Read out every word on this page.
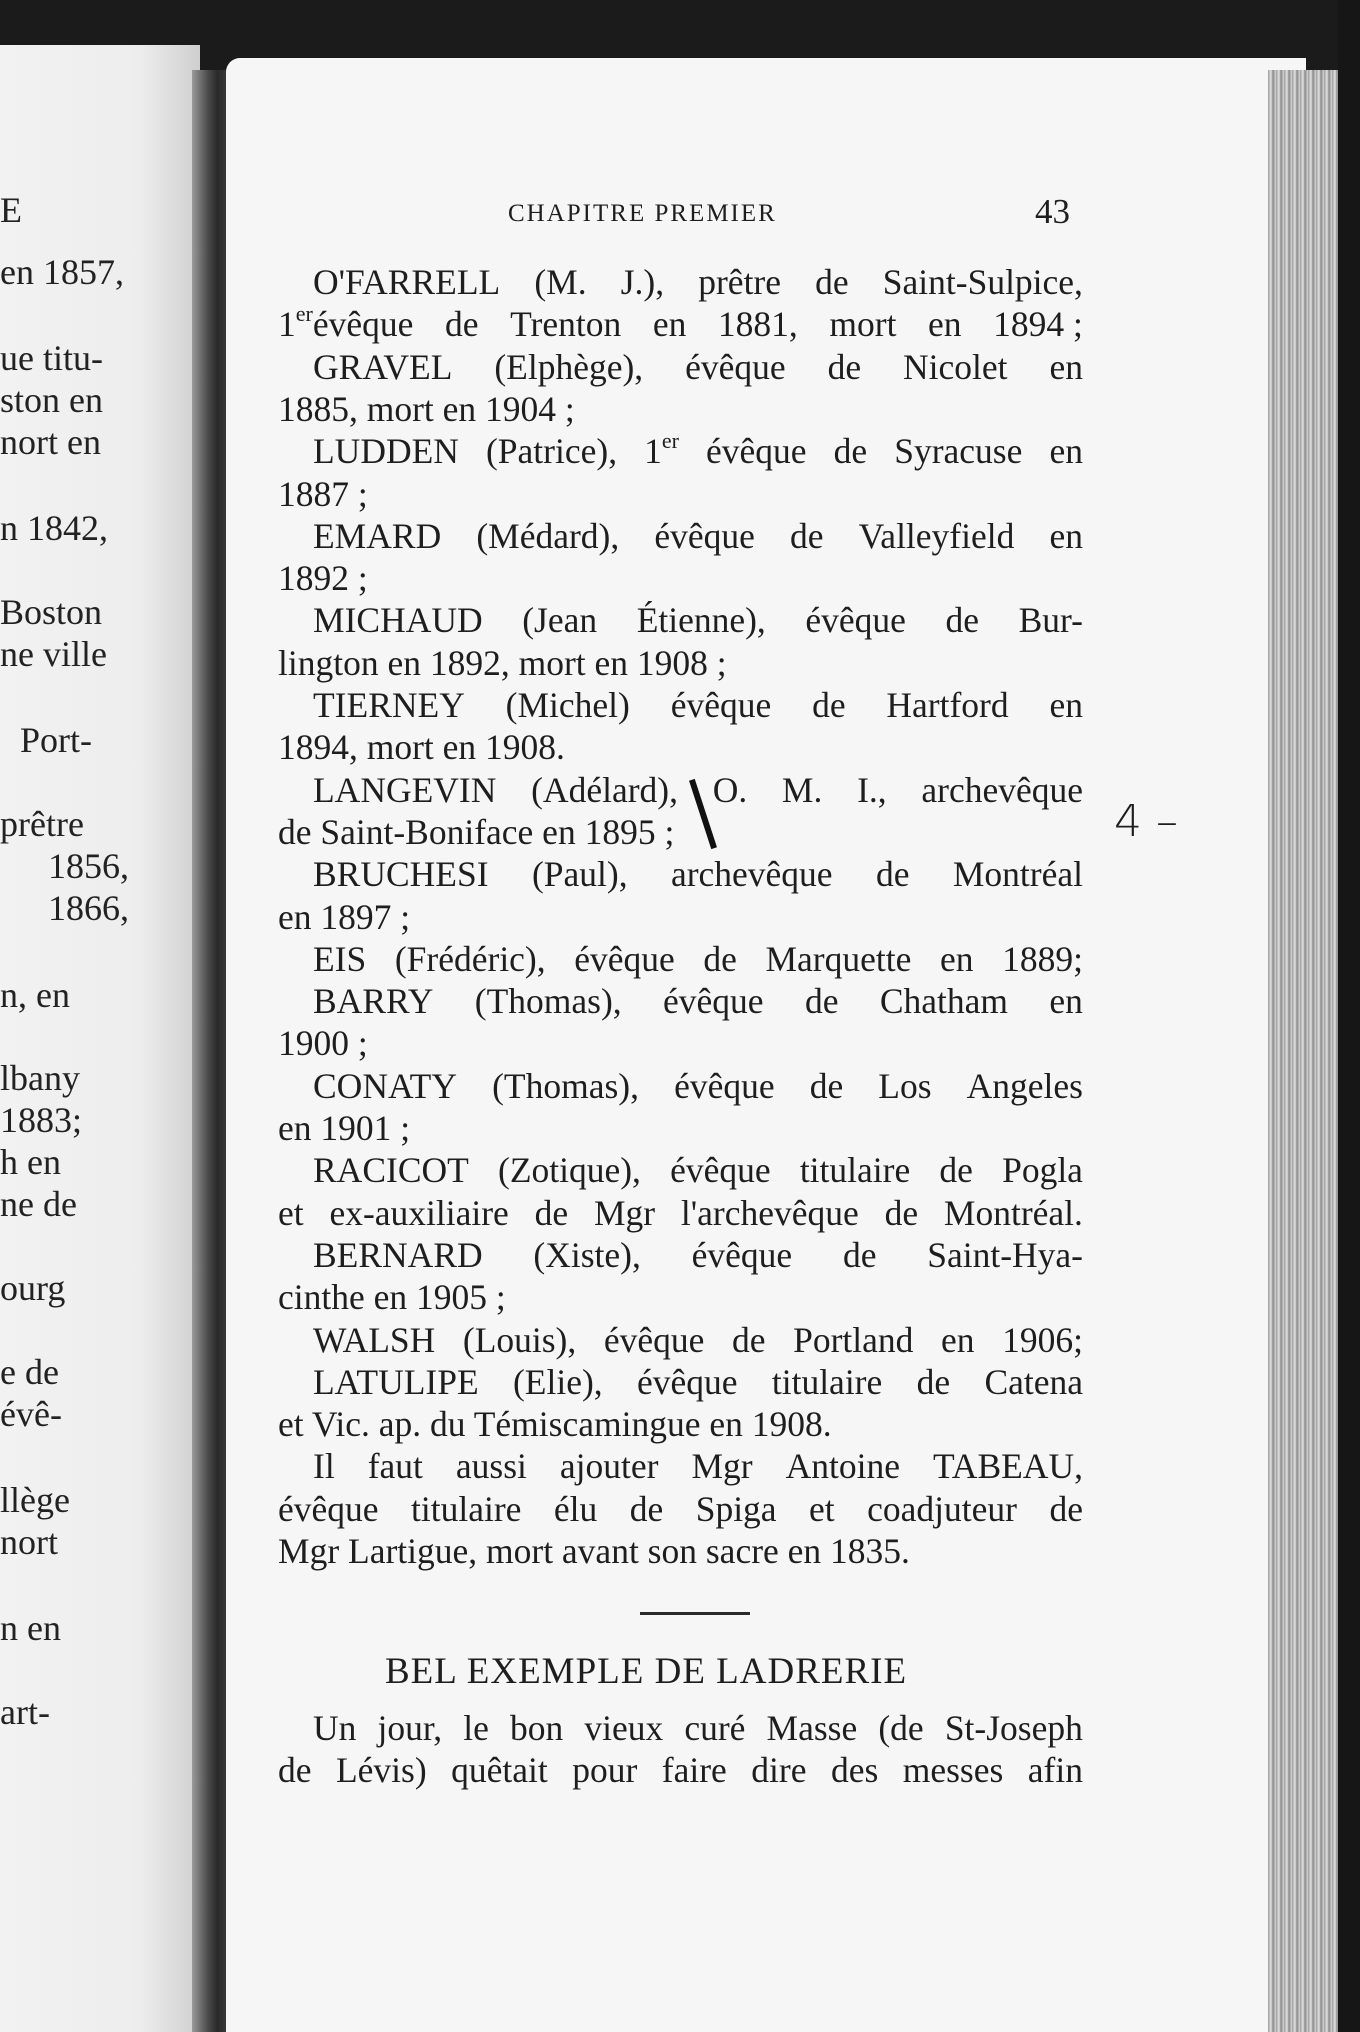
E
en 1857,
ue titu-
ston en
nort en
n 1842,
Boston
ne ville
Port-
prêtre
1856,
1866,
n, en
lbany
1883;
h en
ne de
ourg
e de
évê-
llège
nort
n en
art-
CHAPITRE PREMIER	43
O'FARRELL (M. J.), prêtre de Saint-Sulpice,
1erévêque de Trenton en 1881, mort en 1894 ;
GRAVEL (Elphège), évêque de Nicolet en
1885, mort en 1904 ;
LUDDEN (Patrice), 1er évêque de Syracuse en
1887 ;
EMARD (Médard), évêque de Valleyfield en
1892 ;
MICHAUD (Jean Étienne), évêque de Bur-
lington en 1892, mort en 1908 ;
TIERNEY (Michel) évêque de Hartford en
1894, mort en 1908.
LANGEVIN (Adélard), O. M. I., archevêque
de Saint-Boniface en 1895 ;
BRUCHESI (Paul), archevêque de Montréal
en 1897 ;
EIS (Frédéric), évêque de Marquette en 1889;
BARRY (Thomas), évêque de Chatham en
1900 ;
CONATY (Thomas), évêque de Los Angeles
en 1901 ;
RACICOT (Zotique), évêque titulaire de Pogla
et ex-auxiliaire de Mgr l'archevêque de Montréal.
BERNARD (Xiste), évêque de Saint-Hya-
cinthe en 1905 ;
WALSH (Louis), évêque de Portland en 1906;
LATULIPE (Elie), évêque titulaire de Catena
et Vic. ap. du Témiscamingue en 1908.
Il faut aussi ajouter Mgr Antoine TABEAU,
évêque titulaire élu de Spiga et coadjuteur de
Mgr Lartigue, mort avant son sacre en 1835.
BEL EXEMPLE DE LADRERIE
Un jour, le bon vieux curé Masse (de St-Joseph
de Lévis) quêtait pour faire dire des messes afin
4 –
